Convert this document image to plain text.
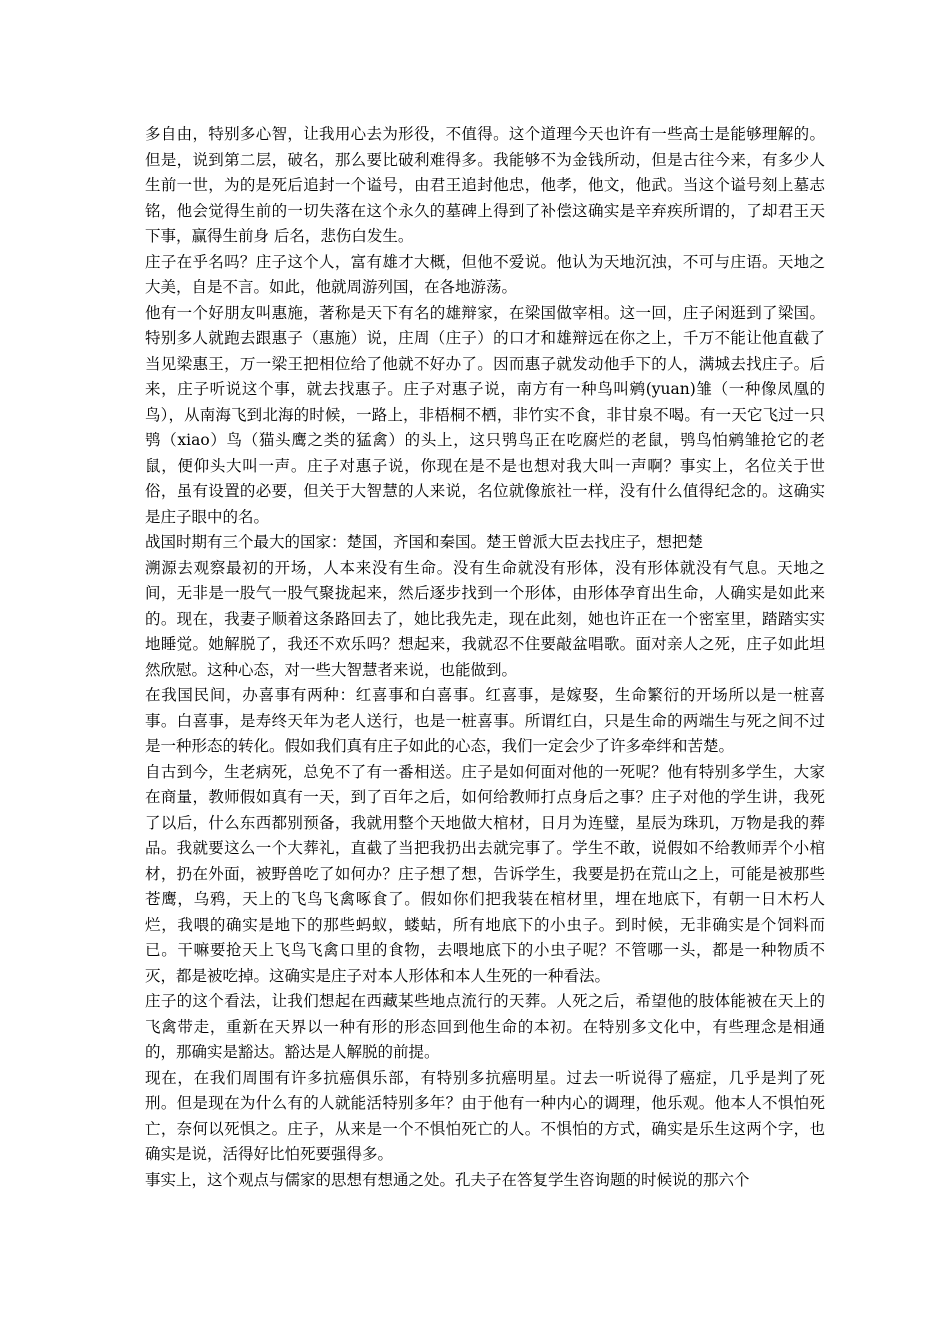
多自由，特别多心智，让我用心去为形役，不值得。这个道理今天也许有一些高士是能够理解的。但是，说到第二层，破名，那么要比破利难得多。我能够不为金钱所动，但是古往今来，有多少人生前一世，为的是死后追封一个谥号，由君王追封他忠，他孝，他文，他武。当这个谥号刻上墓志铭，他会觉得生前的一切失落在这个永久的墓碑上得到了补偿这确实是辛弃疾所谓的，了却君王天下事，赢得生前身 后名，悲伤白发生。

庄子在乎名吗？庄子这个人，富有雄才大概，但他不爱说。他认为天地沉浊，不可与庄语。天地之大美，自是不言。如此，他就周游列国，在各地游荡。

他有一个好朋友叫惠施，著称是天下有名的雄辩家，在梁国做宰相。这一回，庄子闲逛到了梁国。特别多人就跑去跟惠子（惠施）说，庄周（庄子）的口才和雄辩远在你之上，千万不能让他直截了当见梁惠王，万一梁王把相位给了他就不好办了。因而惠子就发动他手下的人，满城去找庄子。后来，庄子听说这个事，就去找惠子。庄子对惠子说，南方有一种鸟叫鹓(yuan)雏（一种像凤凰的鸟），从南海飞到北海的时候，一路上，非梧桐不栖，非竹实不食，非甘泉不喝。有一天它飞过一只鸮（xiao）鸟（猫头鹰之类的猛禽）的头上，这只鸮鸟正在吃腐烂的老鼠，鸮鸟怕鹓雏抢它的老鼠，便仰头大叫一声。庄子对惠子说，你现在是不是也想对我大叫一声啊？事实上，名位关于世俗，虽有设置的必要，但关于大智慧的人来说，名位就像旅社一样，没有什么值得纪念的。这确实是庄子眼中的名。

战国时期有三个最大的国家：楚国，齐国和秦国。楚王曾派大臣去找庄子，想把楚

溯源去观察最初的开场，人本来没有生命。没有生命就没有形体，没有形体就没有气息。天地之间，无非是一股气一股气聚拢起来，然后逐步找到一个形体，由形体孕育出生命，人确实是如此来的。现在，我妻子顺着这条路回去了，她比我先走，现在此刻，她也许正在一个密室里，踏踏实实地睡觉。她解脱了，我还不欢乐吗？想起来，我就忍不住要敲盆唱歌。面对亲人之死，庄子如此坦然欣慰。这种心态，对一些大智慧者来说，也能做到。

在我国民间，办喜事有两种：红喜事和白喜事。红喜事，是嫁娶，生命繁衍的开场所以是一桩喜事。白喜事，是寿终天年为老人送行，也是一桩喜事。所谓红白，只是生命的两端生与死之间不过是一种形态的转化。假如我们真有庄子如此的心态，我们一定会少了许多牵绊和苦楚。

自古到今，生老病死，总免不了有一番相送。庄子是如何面对他的一死呢？他有特别多学生，大家在商量，教师假如真有一天，到了百年之后，如何给教师打点身后之事？庄子对他的学生讲，我死了以后，什么东西都别预备，我就用整个天地做大棺材，日月为连璧，星辰为珠玑，万物是我的葬品。我就要这么一个大葬礼，直截了当把我扔出去就完事了。学生不敢，说假如不给教师弄个小棺材，扔在外面，被野兽吃了如何办？庄子想了想，告诉学生，我要是扔在荒山之上，可能是被那些苍鹰，乌鸦，天上的飞鸟飞禽啄食了。假如你们把我装在棺材里，埋在地底下，有朝一日木朽人烂，我喂的确实是地下的那些蚂蚁，蝼蛄，所有地底下的小虫子。到时候，无非确实是个饲料而已。干嘛要抢天上飞鸟飞禽口里的食物，去喂地底下的小虫子呢？不管哪一头，都是一种物质不灭，都是被吃掉。这确实是庄子对本人形体和本人生死的一种看法。

庄子的这个看法，让我们想起在西藏某些地点流行的天葬。人死之后，希望他的肢体能被在天上的飞禽带走，重新在天界以一种有形的形态回到他生命的本初。在特别多文化中，有些理念是相通的，那确实是豁达。豁达是人解脱的前提。

现在，在我们周围有许多抗癌俱乐部，有特别多抗癌明星。过去一听说得了癌症，几乎是判了死刑。但是现在为什么有的人就能活特别多年？由于他有一种内心的调理，他乐观。他本人不惧怕死亡，奈何以死惧之。庄子，从来是一个不惧怕死亡的人。不惧怕的方式，确实是乐生这两个字，也确实是说，活得好比怕死要强得多。

事实上，这个观点与儒家的思想有想通之处。孔夫子在答复学生咨询题的时候说的那六个
